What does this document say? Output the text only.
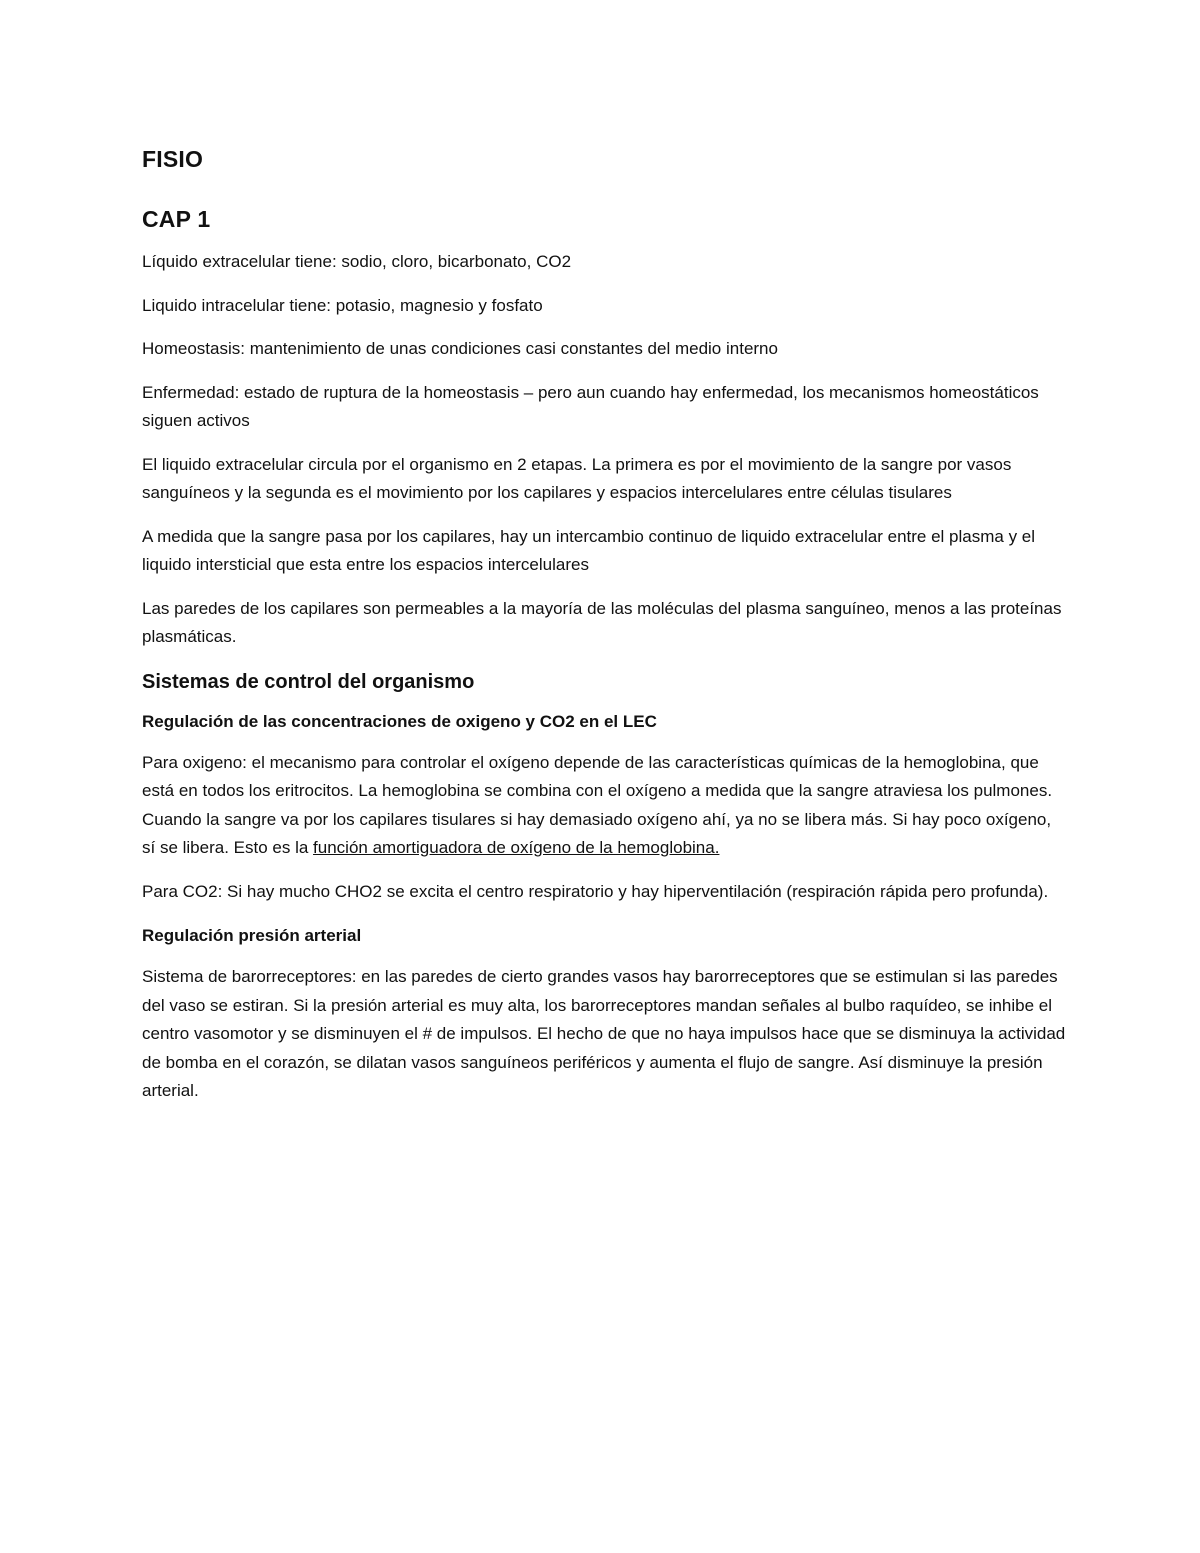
FISIO
CAP 1

Líquido extracelular tiene: sodio, cloro, bicarbonato, CO2

Liquido intracelular tiene: potasio, magnesio y fosfato

Homeostasis: mantenimiento de unas condiciones casi constantes del medio interno

Enfermedad: estado de ruptura de la homeostasis – pero aun cuando hay enfermedad, los mecanismos homeostáticos siguen activos

El liquido extracelular circula por el organismo en 2 etapas. La primera es por el movimiento de la sangre por vasos sanguíneos y la segunda es el movimiento por los capilares y espacios intercelulares entre células tisulares

A medida que la sangre pasa por los capilares, hay un intercambio continuo de liquido extracelular entre el plasma y el liquido intersticial que esta entre los espacios intercelulares

Las paredes de los capilares son permeables a la mayoría de las moléculas del plasma sanguíneo, menos a las proteínas plasmáticas.

Sistemas de control del organismo
Regulación de las concentraciones de oxigeno y CO2 en el LEC

Para oxigeno: el mecanismo para controlar el oxígeno depende de las características químicas de la hemoglobina, que está en todos los eritrocitos. La hemoglobina se combina con el oxígeno a medida que la sangre atraviesa los pulmones. Cuando la sangre va por los capilares tisulares si hay demasiado oxígeno ahí, ya no se libera más. Si hay poco oxígeno, sí se libera. Esto es la función amortiguadora de oxígeno de la hemoglobina.

Para CO2: Si hay mucho CHO2 se excita el centro respiratorio y hay hiperventilación (respiración rápida pero profunda).

Regulación presión arterial

Sistema de barorreceptores: en las paredes de cierto grandes vasos hay barorreceptores que se estimulan si las paredes del vaso se estiran. Si la presión arterial es muy alta, los barorreceptores mandan señales al bulbo raquídeo, se inhibe el centro vasomotor y se disminuyen el # de impulsos. El hecho de que no haya impulsos hace que se disminuya la actividad de bomba en el corazón, se dilatan vasos sanguíneos periféricos y aumenta el flujo de sangre. Así disminuye la presión arterial.
